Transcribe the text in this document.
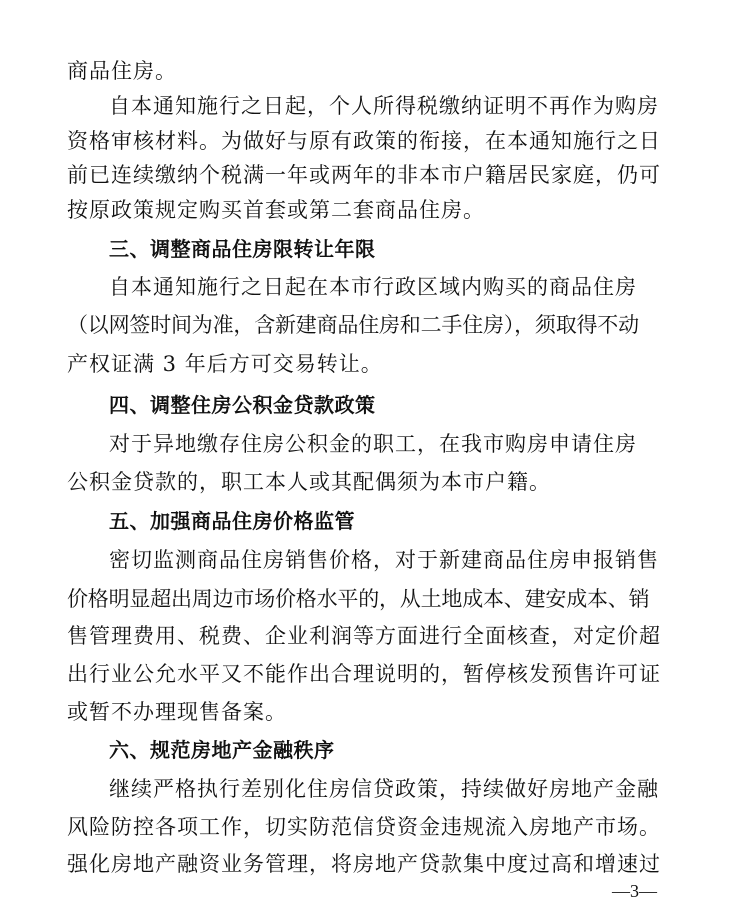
商品住房。
自本通知施行之日起，个人所得税缴纳证明不再作为购房
资格审核材料。为做好与原有政策的衔接，在本通知施行之日
前已连续缴纳个税满一年或两年的非本市户籍居民家庭，仍可
按原政策规定购买首套或第二套商品住房。
三、调整商品住房限转让年限
自本通知施行之日起在本市行政区域内购买的商品住房
（以网签时间为准，含新建商品住房和二手住房），须取得不动
产权证满 3 年后方可交易转让。
四、调整住房公积金贷款政策
对于异地缴存住房公积金的职工，在我市购房申请住房
公积金贷款的，职工本人或其配偶须为本市户籍。
五、加强商品住房价格监管
密切监测商品住房销售价格，对于新建商品住房申报销售
价格明显超出周边市场价格水平的，从土地成本、建安成本、销
售管理费用、税费、企业利润等方面进行全面核查，对定价超
出行业公允水平又不能作出合理说明的，暂停核发预售许可证
或暂不办理现售备案。
六、规范房地产金融秩序
继续严格执行差别化住房信贷政策，持续做好房地产金融
风险防控各项工作，切实防范信贷资金违规流入房地产市场。
强化房地产融资业务管理，将房地产贷款集中度过高和增速过
—3—
